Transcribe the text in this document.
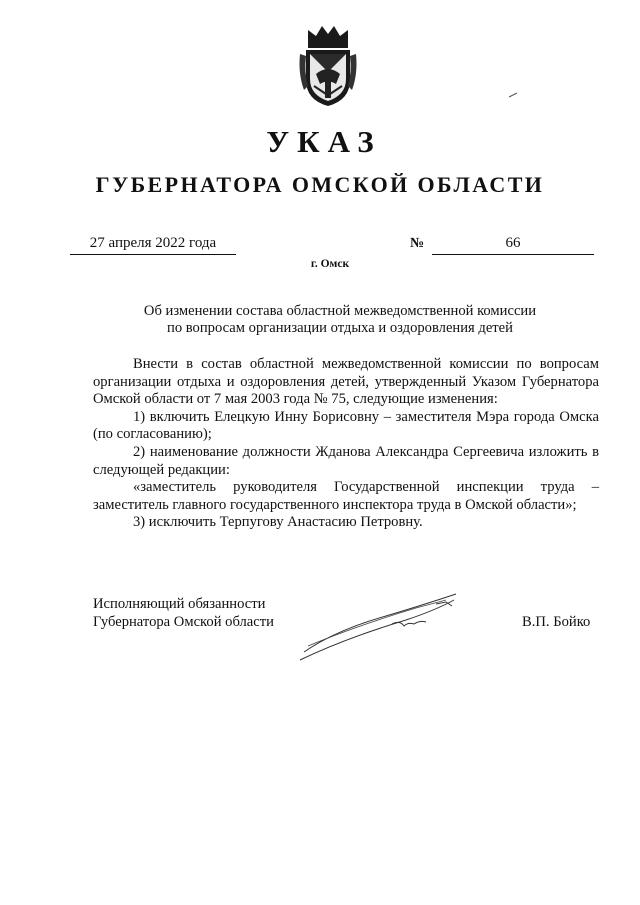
УКАЗ
ГУБЕРНАТОРА ОМСКОЙ ОБЛАСТИ
27 апреля 2022 года	№	66
г. Омск
Об изменении состава областной межведомственной комиссии
по вопросам организации отдыха и оздоровления детей

Внести в состав областной межведомственной комиссии по вопросам организации отдыха и оздоровления детей, утвержденный Указом Губернатора Омской области от 7 мая 2003 года № 75, следующие изменения:

1) включить Елецкую Инну Борисовну – заместителя Мэра города Омска (по согласованию);

2) наименование должности Жданова Александра Сергеевича изложить в следующей редакции:

«заместитель руководителя Государственной инспекции труда – заместитель главного государственного инспектора труда в Омской области»;

3) исключить Терпугову Анастасию Петровну.

Исполняющий обязанности
Губернатора Омской области	В.П. Бойко
